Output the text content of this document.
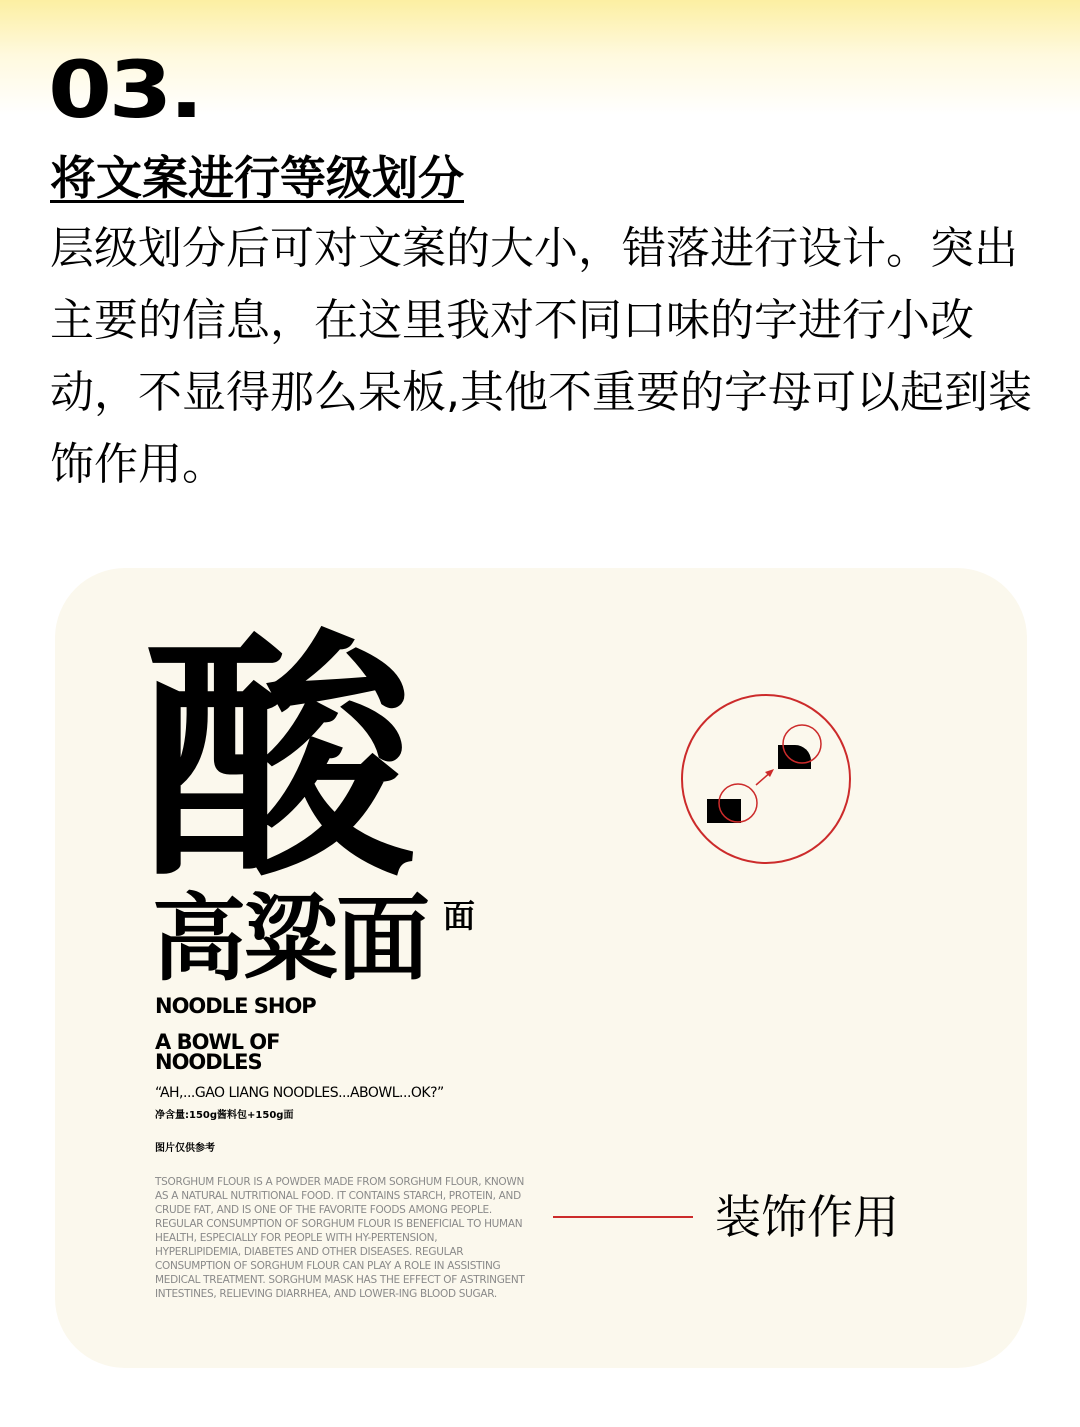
03.
将文案进行等级划分
层级划分后可对文案的大小，错落进行设计。突出主要的信息，在这里我对不同口味的字进行小改动，不显得那么呆板,其他不重要的字母可以起到装饰作用。
酸
高粱面 面
NOODLE SHOP
A BOWL OF NOODLES
“AH,...GAO LIANG NOODLES...ABOWL...OK?”
净含量:150g酱料包+150g面
图片仅供参考
TSORGHUM FLOUR IS A POWDER MADE FROM SORGHUM FLOUR, KNOWN AS A NATURAL NUTRITIONAL FOOD. IT CONTAINS STARCH, PROTEIN, AND CRUDE FAT, AND IS ONE OF THE FAVORITE FOODS AMONG PEOPLE. REGULAR CONSUMPTION OF SORGHUM FLOUR IS BENEFICIAL TO HUMAN HEALTH, ESPECIALLY FOR PEOPLE WITH HY-PERTENSION, HYPERLIPIDEMIA, DIABETES AND OTHER DISEASES. REGULAR CONSUMPTION OF SORGHUM FLOUR CAN PLAY A ROLE IN ASSISTING MEDICAL TREATMENT. SORGHUM MASK HAS THE EFFECT OF ASTRINGENT INTESTINES, RELIEVING DIARRHEA, AND LOWER-ING BLOOD SUGAR.
装饰作用
